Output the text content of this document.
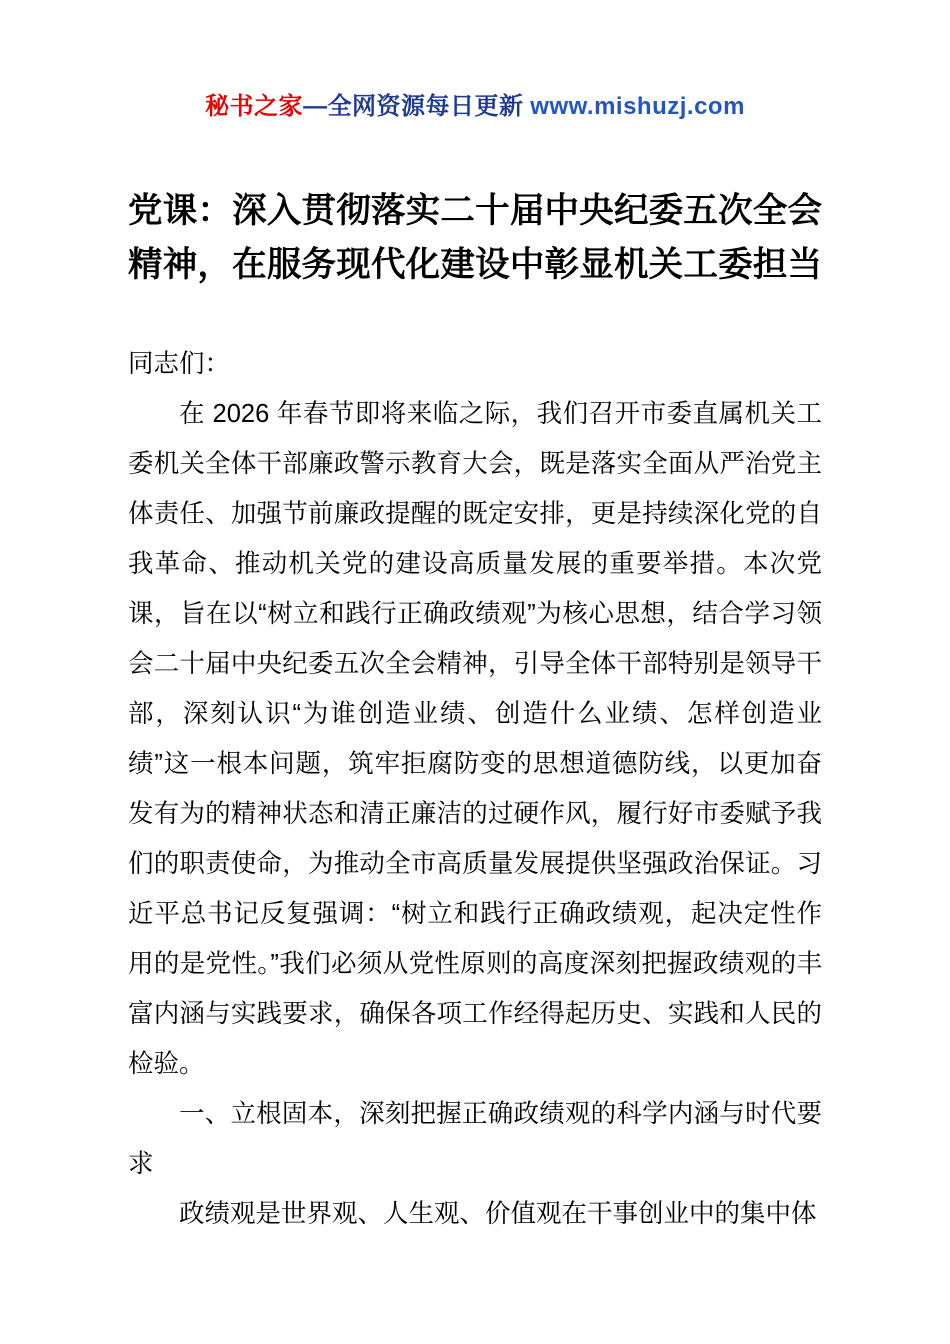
秘书之家—全网资源每日更新 www.mishuzj.com
党课：深入贯彻落实二十届中央纪委五次全会精神，在服务现代化建设中彰显机关工委担当

同志们：

在 2026 年春节即将来临之际，我们召开市委直属机关工委机关全体干部廉政警示教育大会，既是落实全面从严治党主体责任、加强节前廉政提醒的既定安排，更是持续深化党的自我革命、推动机关党的建设高质量发展的重要举措。本次党课，旨在以“树立和践行正确政绩观”为核心思想，结合学习领会二十届中央纪委五次全会精神，引导全体干部特别是领导干部，深刻认识“为谁创造业绩、创造什么业绩、怎样创造业绩”这一根本问题，筑牢拒腐防变的思想道德防线，以更加奋发有为的精神状态和清正廉洁的过硬作风，履行好市委赋予我们的职责使命，为推动全市高质量发展提供坚强政治保证。习近平总书记反复强调：“树立和践行正确政绩观，起决定性作用的是党性。”我们必须从党性原则的高度深刻把握政绩观的丰富内涵与实践要求，确保各项工作经得起历史、实践和人民的检验。

一、立根固本，深刻把握正确政绩观的科学内涵与时代要求

政绩观是世界观、人生观、价值观在干事创业中的集中体
